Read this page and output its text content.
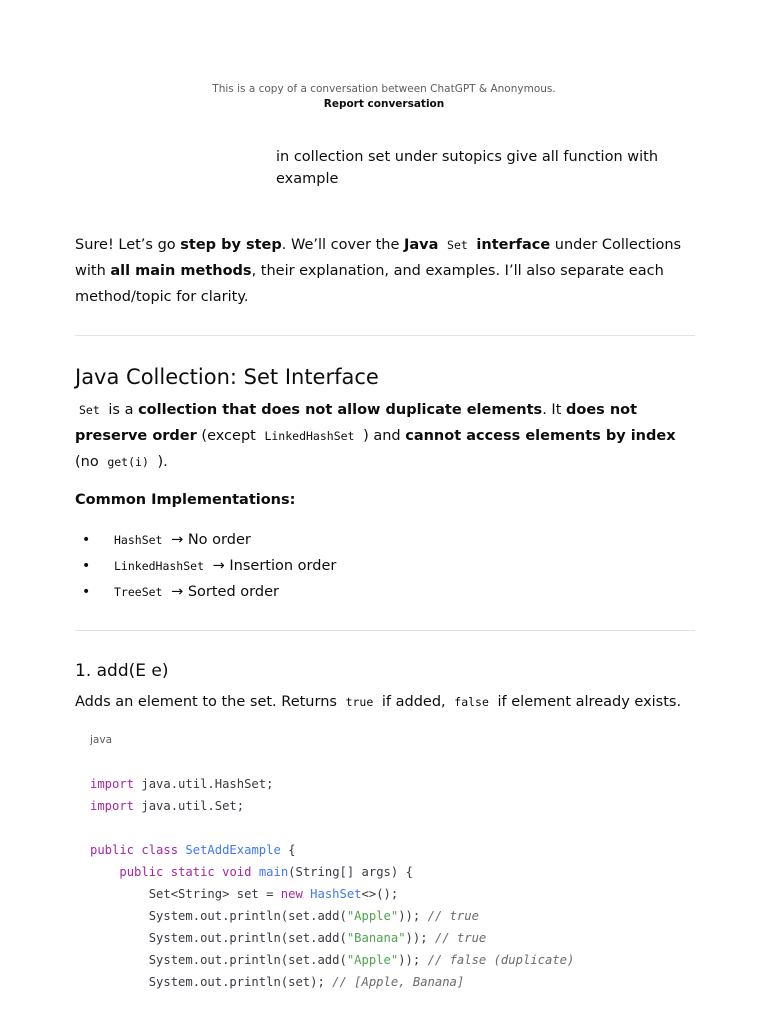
This is a copy of a conversation between ChatGPT & Anonymous.
Report conversation
in collection set under sutopics give all function with example

Sure! Let’s go step by step. We’ll cover the Java Set interface under Collections with all main methods, their explanation, and examples. I’ll also separate each method/topic for clarity.

Java Collection: Set Interface

Set is a collection that does not allow duplicate elements. It does not preserve order (except LinkedHashSet ) and cannot access elements by index (no get(i) ).

Common Implementations:
• HashSet → No order
• LinkedHashSet → Insertion order
• TreeSet → Sorted order
1. add(E e)

Adds an element to the set. Returns true if added, false if element already exists.

java
import java.util.HashSet;
import java.util.Set;

public class SetAddExample {
public static void main(String[] args) {
Set<String> set = new HashSet<>();
System.out.println(set.add("Apple")); // true
System.out.println(set.add("Banana")); // true
System.out.println(set.add("Apple")); // false (duplicate)
System.out.println(set); // [Apple, Banana]
